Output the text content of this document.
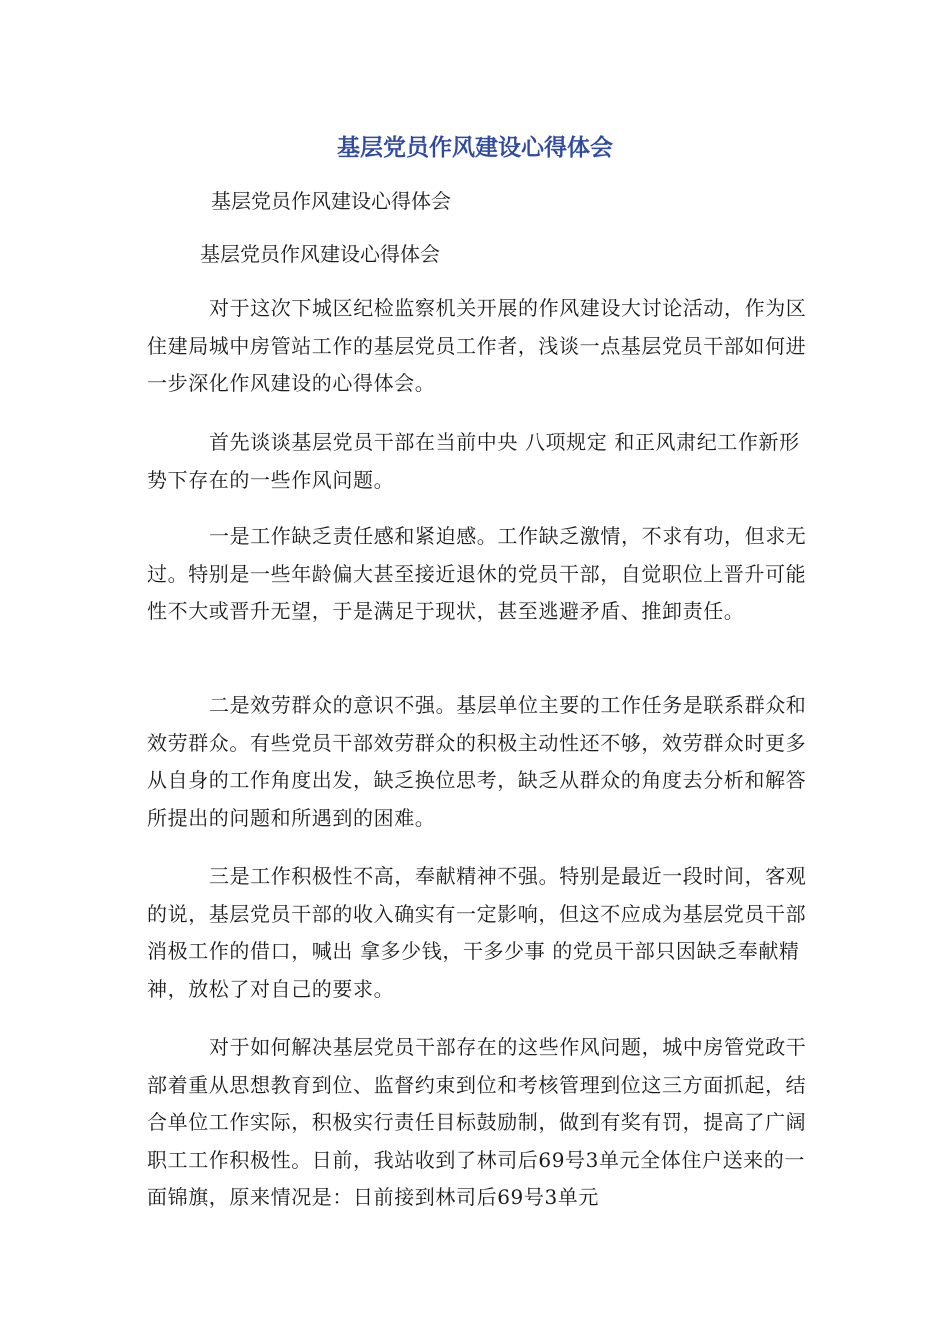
基层党员作风建设心得体会

基层党员作风建设心得体会

基层党员作风建设心得体会

对于这次下城区纪检监察机关开展的作风建设大讨论活动，作为区住建局城中房管站工作的基层党员工作者，浅谈一点基层党员干部如何进一步深化作风建设的心得体会。

首先谈谈基层党员干部在当前中央 八项规定 和正风肃纪工作新形势下存在的一些作风问题。

一是工作缺乏责任感和紧迫感。工作缺乏激情，不求有功，但求无过。特别是一些年龄偏大甚至接近退休的党员干部，自觉职位上晋升可能性不大或晋升无望，于是满足于现状，甚至逃避矛盾、推卸责任。

二是效劳群众的意识不强。基层单位主要的工作任务是联系群众和效劳群众。有些党员干部效劳群众的积极主动性还不够，效劳群众时更多从自身的工作角度出发，缺乏换位思考，缺乏从群众的角度去分析和解答所提出的问题和所遇到的困难。

三是工作积极性不高，奉献精神不强。特别是最近一段时间，客观的说，基层党员干部的收入确实有一定影响，但这不应成为基层党员干部消极工作的借口，喊出 拿多少钱，干多少事 的党员干部只因缺乏奉献精神，放松了对自己的要求。

对于如何解决基层党员干部存在的这些作风问题，城中房管党政干部着重从思想教育到位、监督约束到位和考核管理到位这三方面抓起，结合单位工作实际，积极实行责任目标鼓励制，做到有奖有罚，提高了广阔职工工作积极性。日前，我站收到了林司后69号3单元全体住户送来的一面锦旗，原来情况是：日前接到林司后69号3单元
